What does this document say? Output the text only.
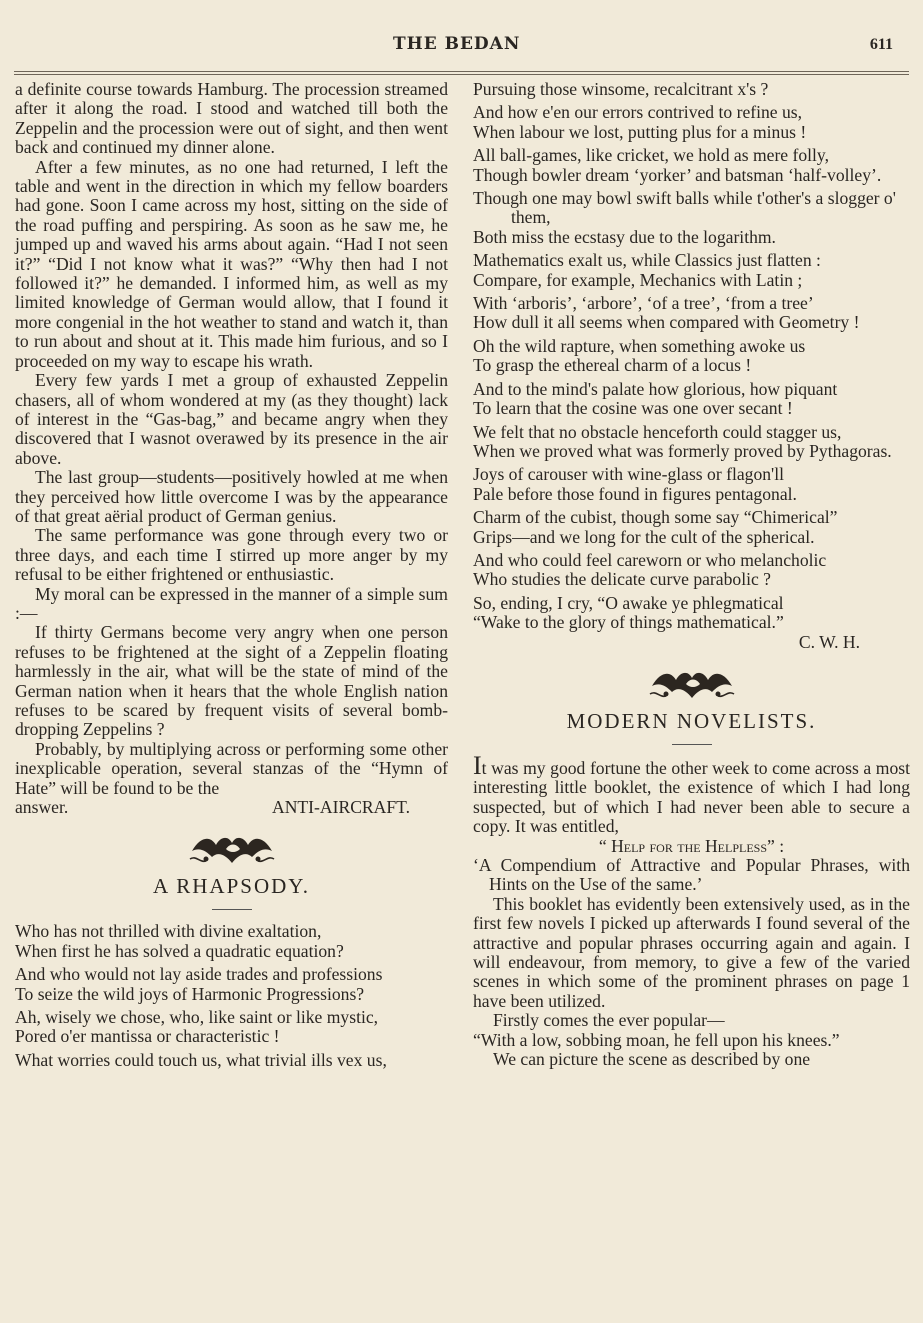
THE BEDAN	611

a definite course towards Hamburg. The procession streamed after it along the road. I stood and watched till both the Zeppelin and the procession were out of sight, and then went back and continued my dinner alone.

After a few minutes, as no one had returned, I left the table and went in the direction in which my fellow boarders had gone. Soon I came across my host, sitting on the side of the road puffing and perspiring. As soon as he saw me, he jumped up and waved his arms about again. “Had I not seen it?” “Did I not know what it was?” “Why then had I not followed it?” he demanded. I informed him, as well as my limited knowledge of German would allow, that I found it more congenial in the hot weather to stand and watch it, than to run about and shout at it. This made him furious, and so I proceeded on my way to escape his wrath.

Every few yards I met a group of exhausted Zeppelin chasers, all of whom wondered at my (as they thought) lack of interest in the “Gas-bag,” and became angry when they discovered that I wasnot overawed by its presence in the air above.

The last group—students—positively howled at me when they perceived how little overcome I was by the appearance of that great aërial product of German genius.

The same performance was gone through every two or three days, and each time I stirred up more anger by my refusal to be either frightened or enthusiastic.

My moral can be expressed in the manner of a simple sum :—

If thirty Germans become very angry when one person refuses to be frightened at the sight of a Zeppelin floating harmlessly in the air, what will be the state of mind of the German nation when it hears that the whole English nation refuses to be scared by frequent visits of several bomb-dropping Zeppelins ?

Probably, by multiplying across or performing some other inexplicable operation, several stanzas of the “Hymn of Hate” will be found to be the

answer.	ANTI-AIRCRAFT.
A RHAPSODY.
Who has not thrilled with divine exaltation,
When first he has solved a quadratic equation?
And who would not lay aside trades and professions
To seize the wild joys of Harmonic Progressions?
Ah, wisely we chose, who, like saint or like mystic,
Pored o'er mantissa or characteristic !
What worries could touch us, what trivial ills vex us,
Pursuing those winsome, recalcitrant x's ?
And how e'en our errors contrived to refine us,
When labour we lost, putting plus for a minus !
All ball-games, like cricket, we hold as mere folly,
Though bowler dream ‘yorker’ and batsman ‘half-volley’.
Though one may bowl swift balls while t'other's a slogger o' them,
Both miss the ecstasy due to the logarithm.
Mathematics exalt us, while Classics just flatten :
Compare, for example, Mechanics with Latin ;
With ‘arboris’, ‘arbore’, ‘of a tree’, ‘from a tree’
How dull it all seems when compared with Geometry !
Oh the wild rapture, when something awoke us
To grasp the ethereal charm of a locus !
And to the mind's palate how glorious, how piquant
To learn that the cosine was one over secant !
We felt that no obstacle henceforth could stagger us,
When we proved what was formerly proved by Pythagoras.
Joys of carouser with wine-glass or flagon'll
Pale before those found in figures pentagonal.
Charm of the cubist, though some say “Chimerical”
Grips—and we long for the cult of the spherical.
And who could feel careworn or who melancholic
Who studies the delicate curve parabolic ?
So, ending, I cry, “O awake ye phlegmatical
“Wake to the glory of things mathematical.”
C. W. H.
MODERN NOVELISTS.

It was my good fortune the other week to come across a most interesting little booklet, the existence of which I had long suspected, but of which I had never been able to secure a copy. It was entitled,

“ Help for the Helpless” :

‘A Compendium of Attractive and Popular Phrases, with Hints on the Use of the same.’

This booklet has evidently been extensively used, as in the first few novels I picked up afterwards I found several of the attractive and popular phrases occurring again and again. I will endeavour, from memory, to give a few of the varied scenes in which some of the prominent phrases on page 1 have been utilized.

Firstly comes the ever popular—

“With a low, sobbing moan, he fell upon his knees.”

We can picture the scene as described by one
